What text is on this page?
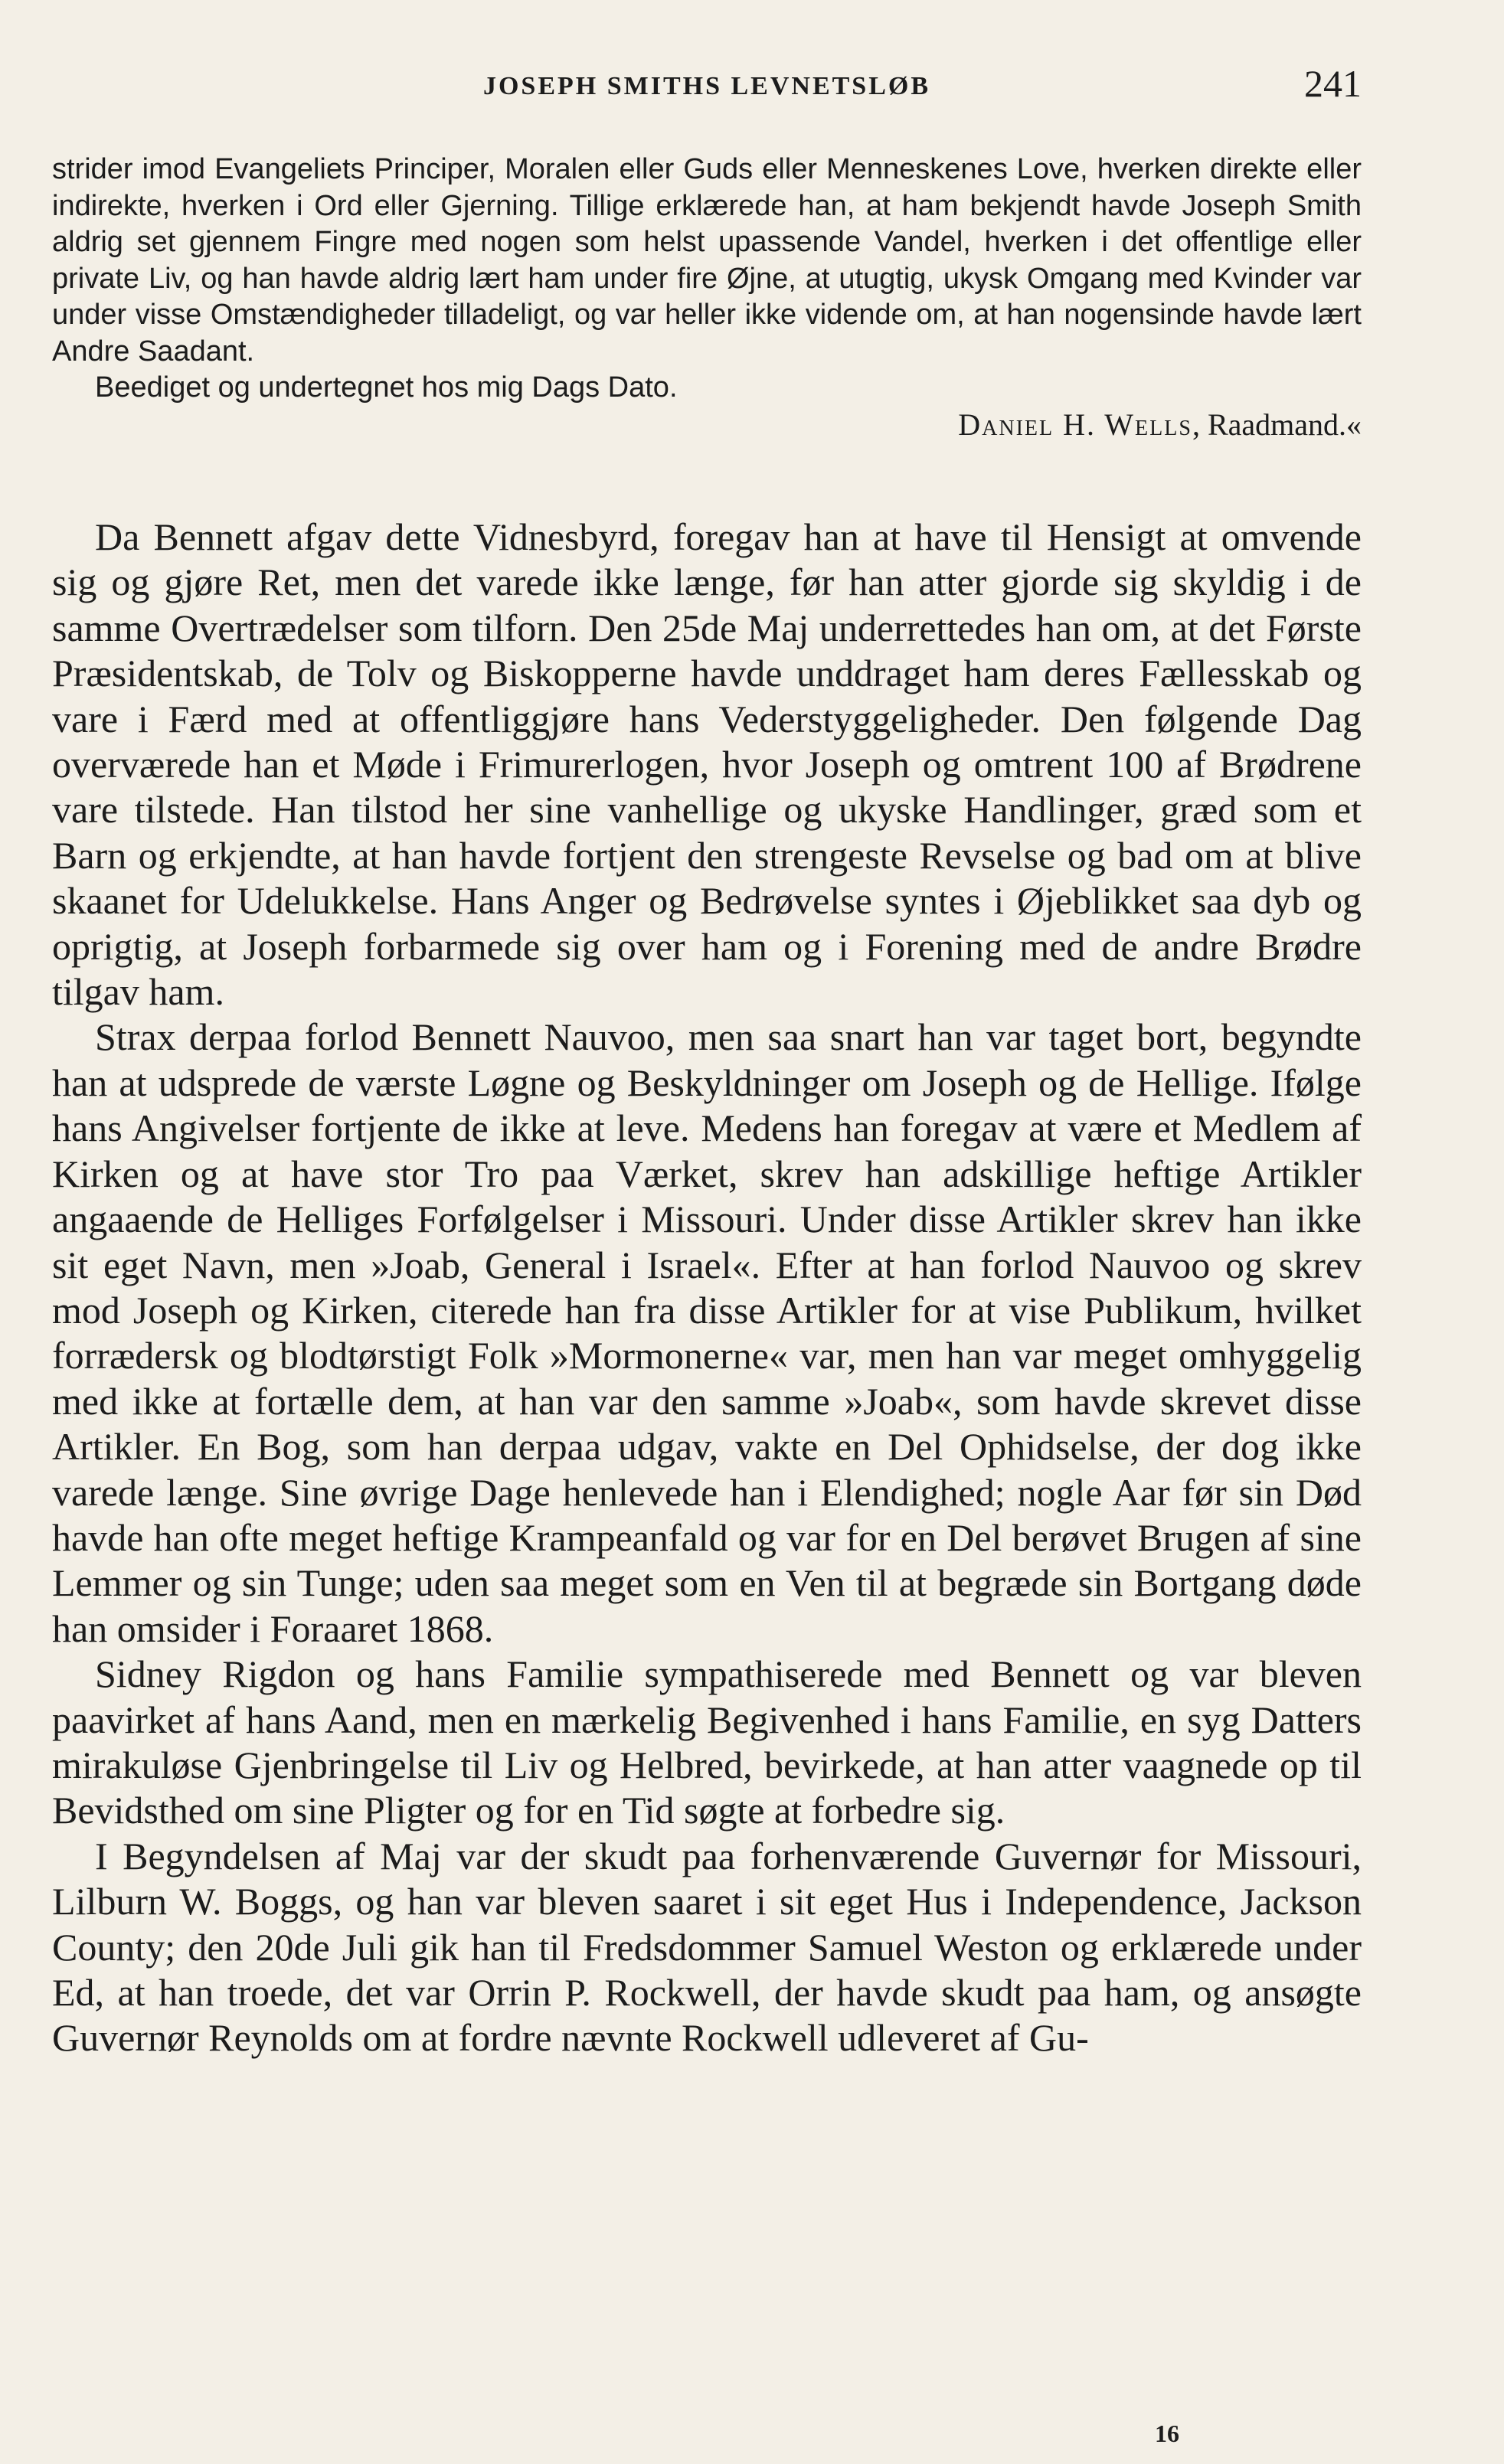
JOSEPH SMITHS LEVNETSLØB	241

strider imod Evangeliets Principer, Moralen eller Guds eller Menneskenes Love, hverken direkte eller indirekte, hverken i Ord eller Gjerning. Tillige erklærede han, at ham bekjendt havde Joseph Smith aldrig set gjennem Fingre med nogen som helst upassende Vandel, hverken i det offentlige eller private Liv, og han havde aldrig lært ham under fire Øjne, at utugtig, ukysk Omgang med Kvinder var under visse Omstændigheder tilladeligt, og var heller ikke vidende om, at han nogensinde havde lært Andre Saadant.

Beediget og undertegnet hos mig Dags Dato.

Daniel H. Wells, Raadmand.«

Da Bennett afgav dette Vidnesbyrd, foregav han at have til Hensigt at omvende sig og gjøre Ret, men det varede ikke længe, før han atter gjorde sig skyldig i de samme Overtrædelser som tilforn. Den 25de Maj underrettedes han om, at det Første Præsidentskab, de Tolv og Biskopperne havde unddraget ham deres Fællesskab og vare i Færd med at offentliggjøre hans Vederstyggeligheder. Den følgende Dag overværede han et Møde i Frimurerlogen, hvor Joseph og omtrent 100 af Brødrene vare tilstede. Han tilstod her sine vanhellige og ukyske Handlinger, græd som et Barn og erkjendte, at han havde fortjent den strengeste Revselse og bad om at blive skaanet for Udelukkelse. Hans Anger og Bedrøvelse syntes i Øjeblikket saa dyb og oprigtig, at Joseph forbarmede sig over ham og i Forening med de andre Brødre tilgav ham.

Strax derpaa forlod Bennett Nauvoo, men saa snart han var taget bort, begyndte han at udsprede de værste Løgne og Beskyldninger om Joseph og de Hellige. Ifølge hans Angivelser fortjente de ikke at leve. Medens han foregav at være et Medlem af Kirken og at have stor Tro paa Værket, skrev han adskillige heftige Artikler angaaende de Helliges Forfølgelser i Missouri. Under disse Artikler skrev han ikke sit eget Navn, men »Joab, General i Israel«. Efter at han forlod Nauvoo og skrev mod Joseph og Kirken, citerede han fra disse Artikler for at vise Publikum, hvilket forrædersk og blodtørstigt Folk »Mormonerne« var, men han var meget omhyggelig med ikke at fortælle dem, at han var den samme »Joab«, som havde skrevet disse Artikler. En Bog, som han derpaa udgav, vakte en Del Ophidselse, der dog ikke varede længe. Sine øvrige Dage henlevede han i Elendighed; nogle Aar før sin Død havde han ofte meget heftige Krampeanfald og var for en Del berøvet Brugen af sine Lemmer og sin Tunge; uden saa meget som en Ven til at begræde sin Bortgang døde han omsider i Foraaret 1868.

Sidney Rigdon og hans Familie sympathiserede med Bennett og var bleven paavirket af hans Aand, men en mærkelig Begivenhed i hans Familie, en syg Datters mirakuløse Gjenbringelse til Liv og Helbred, bevirkede, at han atter vaagnede op til Bevidsthed om sine Pligter og for en Tid søgte at forbedre sig.

I Begyndelsen af Maj var der skudt paa forhenværende Guvernør for Missouri, Lilburn W. Boggs, og han var bleven saaret i sit eget Hus i Independence, Jackson County; den 20de Juli gik han til Fredsdommer Samuel Weston og erklærede under Ed, at han troede, det var Orrin P. Rockwell, der havde skudt paa ham, og ansøgte Guvernør Reynolds om at fordre nævnte Rockwell udleveret af Gu-

16
